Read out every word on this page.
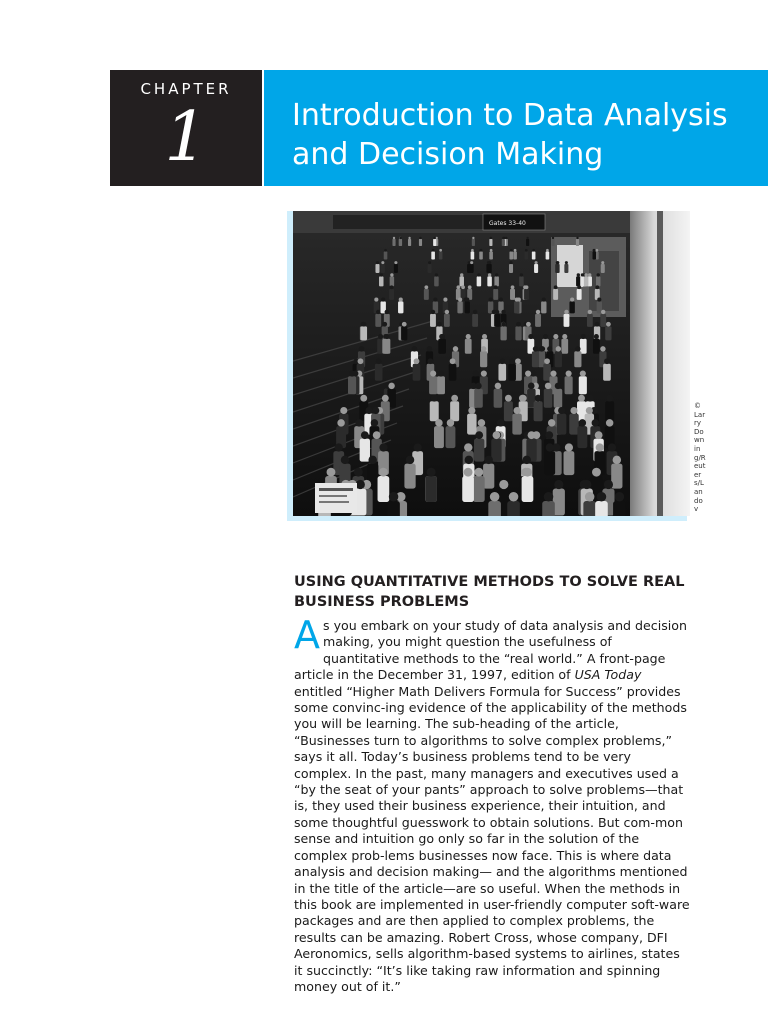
CHAPTER
1	Introduction to Data Analysis and Decision Making
Gates 33-40
© Larry Downing/Reuters/Landov
USING QUANTITATIVE METHODS TO SOLVE REAL BUSINESS PROBLEMS

As you embark on your study of data analysis and decision making, you might question the usefulness of quantitative methods to the “real world.” A front-page article in the December 31, 1997, edition of USA Today entitled “Higher Math Delivers Formula for Success” provides some convinc-ing evidence of the applicability of the methods you will be learning. The sub-heading of the article, “Businesses turn to algorithms to solve complex problems,” says it all. Today’s business problems tend to be very complex. In the past, many managers and executives used a “by the seat of your pants” approach to solve problems—that is, they used their business experience, their intuition, and some thoughtful guesswork to obtain solutions. But com-mon sense and intuition go only so far in the solution of the complex prob-lems businesses now face. This is where data analysis and decision making— and the algorithms mentioned in the title of the article—are so useful. When the methods in this book are implemented in user-friendly computer soft-ware packages and are then applied to complex problems, the results can be amazing. Robert Cross, whose company, DFI Aeronomics, sells algorithm-based systems to airlines, states it succinctly: “It’s like taking raw information and spinning money out of it.”
